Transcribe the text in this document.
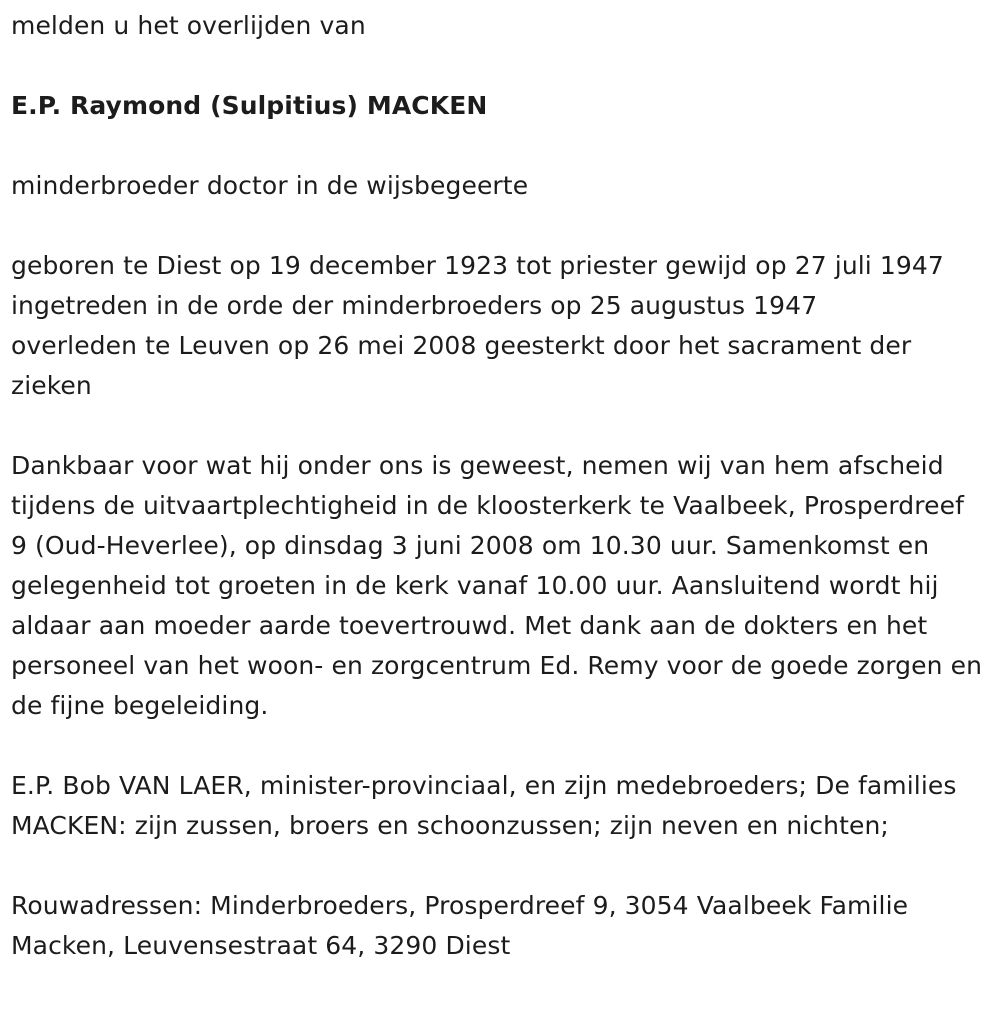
melden u het overlijden van

E.P. Raymond (Sulpitius) MACKEN

minderbroeder doctor in de wijsbegeerte

geboren te Diest op 19 december 1923 tot priester gewijd op 27 juli 1947
ingetreden in de orde der minderbroeders op 25 augustus 1947
overleden te Leuven op 26 mei 2008 geesterkt door het sacrament der zieken

Dankbaar voor wat hij onder ons is geweest, nemen wij van hem afscheid tijdens de uitvaartplechtigheid in de kloosterkerk te Vaalbeek, Prosperdreef 9 (Oud-Heverlee), op dinsdag 3 juni 2008 om 10.30 uur. Samenkomst en gelegenheid tot groeten in de kerk vanaf 10.00 uur. Aansluitend wordt hij aldaar aan moeder aarde toevertrouwd. Met dank aan de dokters en het personeel van het woon- en zorgcentrum Ed. Remy voor de goede zorgen en de fijne begeleiding.

E.P. Bob VAN LAER, minister-provinciaal, en zijn medebroeders; De families MACKEN: zijn zussen, broers en schoonzussen; zijn neven en nichten;

Rouwadressen: Minderbroeders, Prosperdreef 9, 3054 Vaalbeek Familie Macken, Leuvensestraat 64, 3290 Diest
